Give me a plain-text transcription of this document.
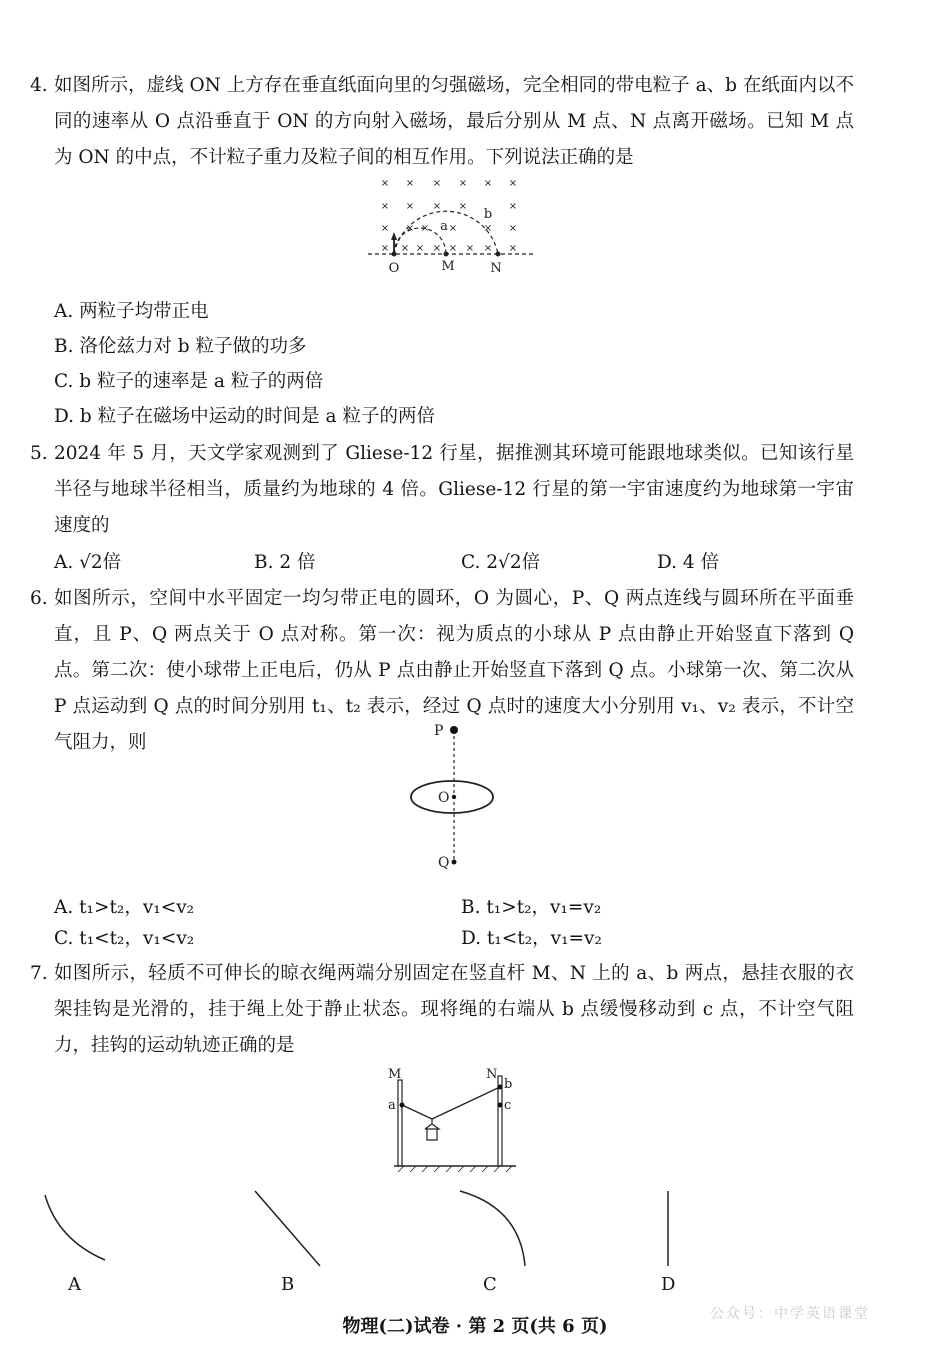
4. 如图所示，虚线 ON 上方存在垂直纸面向里的匀强磁场，完全相同的带电粒子 a、b 在纸面内以不同的速率从 O 点沿垂直于 ON 的方向射入磁场，最后分别从 M 点、N 点离开磁场。已知 M 点为 ON 的中点，不计粒子重力及粒子间的相互作用。下列说法正确的是
× × × × × ×
× × × ×	×
× × × ×	× ×
× × × × × × × ×
O	M	N
a
b
A. 两粒子均带正电
B. 洛伦兹力对 b 粒子做的功多
C. b 粒子的速率是 a 粒子的两倍
D. b 粒子在磁场中运动的时间是 a 粒子的两倍
5. 2024 年 5 月，天文学家观测到了 Gliese-12 行星，据推测其环境可能跟地球类似。已知该行星半径与地球半径相当，质量约为地球的 4 倍。Gliese-12 行星的第一宇宙速度约为地球第一宇宙速度的
A. √2倍	B. 2 倍	C. 2√2倍	D. 4 倍
6. 如图所示，空间中水平固定一均匀带正电的圆环，O 为圆心，P、Q 两点连线与圆环所在平面垂直，且 P、Q 两点关于 O 点对称。第一次：视为质点的小球从 P 点由静止开始竖直下落到 Q 点。第二次：使小球带上正电后，仍从 P 点由静止开始竖直下落到 Q 点。小球第一次、第二次从 P 点运动到 Q 点的时间分别用 t₁、t₂ 表示，经过 Q 点时的速度大小分别用 v₁、v₂ 表示，不计空气阻力，则
P
O
Q
A. t₁>t₂，v₁<v₂	B. t₁>t₂，v₁=v₂
C. t₁<t₂，v₁<v₂	D. t₁<t₂，v₁=v₂
7. 如图所示，轻质不可伸长的晾衣绳两端分别固定在竖直杆 M、N 上的 a、b 两点，悬挂衣服的衣架挂钩是光滑的，挂于绳上处于静止状态。现将绳的右端从 b 点缓慢移动到 c 点，不计空气阻力，挂钩的运动轨迹正确的是
M	N
a
b
c
A	B	C	D
公众号：中学英语课堂
物理(二)试卷 · 第 2 页(共 6 页)
